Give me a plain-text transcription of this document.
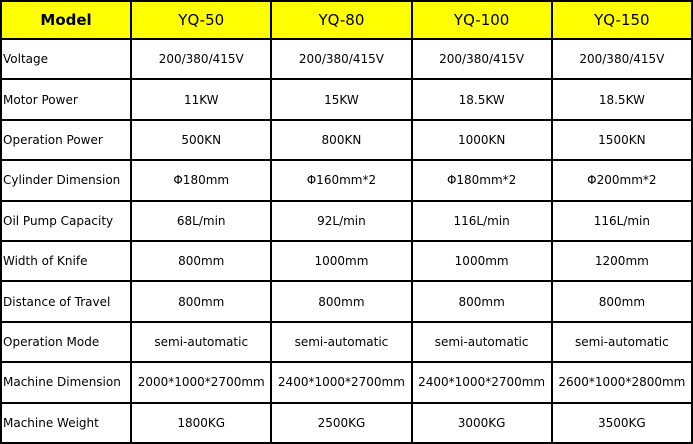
Model	YQ-50	YQ-80	YQ-100	YQ-150
Voltage	200/380/415V	200/380/415V	200/380/415V	200/380/415V
Motor Power	11KW	15KW	18.5KW	18.5KW
Operation Power	500KN	800KN	1000KN	1500KN
Cylinder Dimension	Φ180mm	Φ160mm*2	Φ180mm*2	Φ200mm*2
Oil Pump Capacity	68L/min	92L/min	116L/min	116L/min
Width of Knife	800mm	1000mm	1000mm	1200mm
Distance of Travel	800mm	800mm	800mm	800mm
Operation Mode	semi-automatic	semi-automatic	semi-automatic	semi-automatic
Machine Dimension	2000*1000*2700mm	2400*1000*2700mm	2400*1000*2700mm	2600*1000*2800mm
Machine Weight	1800KG	2500KG	3000KG	3500KG
